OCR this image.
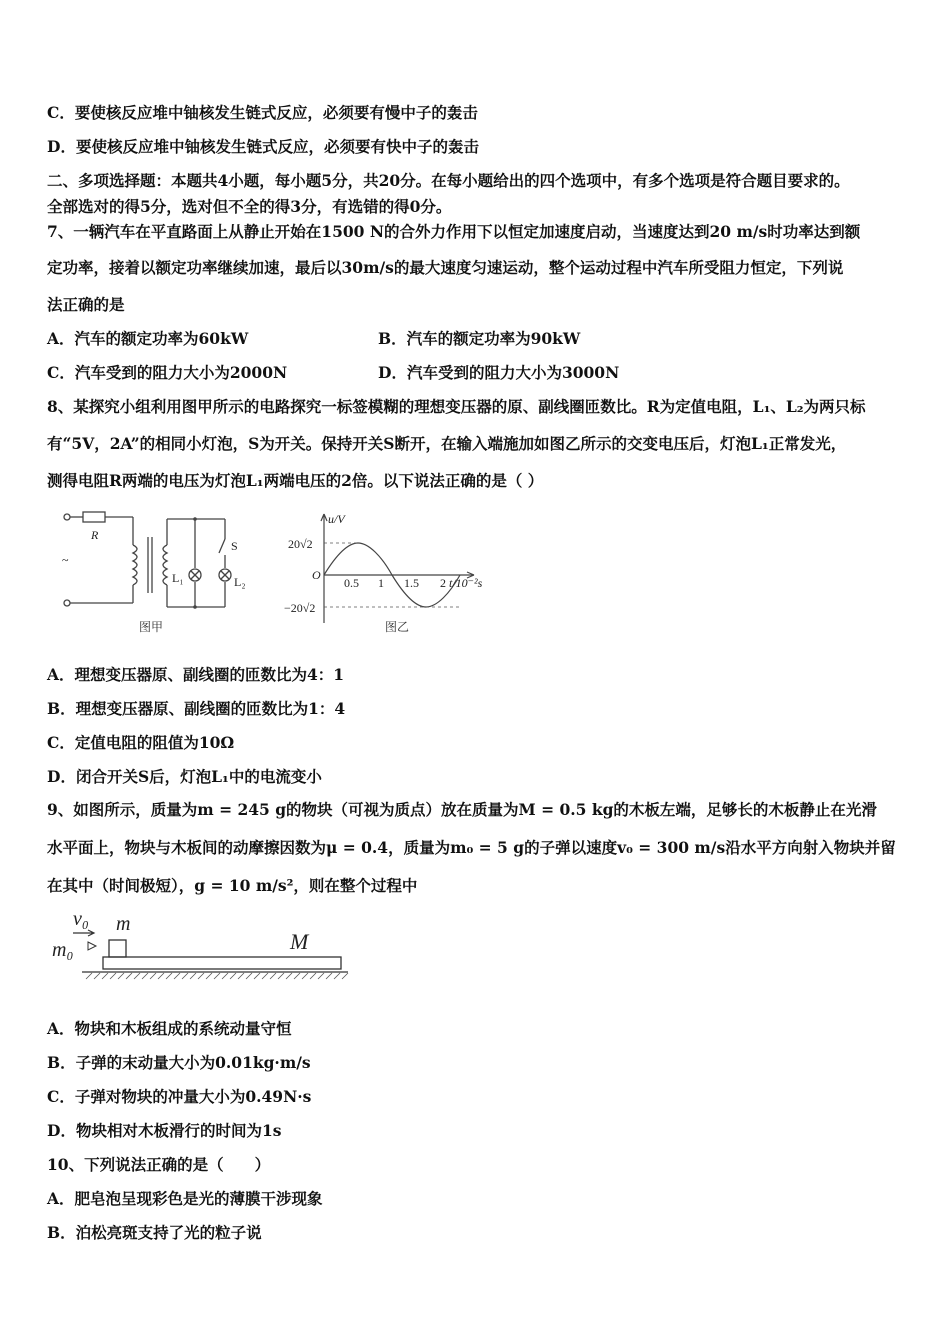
C．要使核反应堆中铀核发生链式反应，必须要有慢中子的轰击
D．要使核反应堆中铀核发生链式反应，必须要有快中子的轰击
二、多项选择题：本题共4小题，每小题5分，共20分。在每小题给出的四个选项中，有多个选项是符合题目要求的。
全部选对的得5分，选对但不全的得3分，有选错的得0分。
7、一辆汽车在平直路面上从静止开始在1500 N的合外力作用下以恒定加速度启动，当速度达到20 m/s时功率达到额
定功率，接着以额定功率继续加速，最后以30m/s的最大速度匀速运动，整个运动过程中汽车所受阻力恒定，下列说
法正确的是
A．汽车的额定功率为60kW	B．汽车的额定功率为90kW
C．汽车受到的阻力大小为2000N	D．汽车受到的阻力大小为3000N
8、某探究小组利用图甲所示的电路探究一标签模糊的理想变压器的原、副线圈匝数比。R为定值电阻，L₁、L₂为两只标
有“5V，2A”的相同小灯泡，S为开关。保持开关S断开，在输入端施加如图乙所示的交变电压后，灯泡L₁正常发光，
测得电阻R两端的电压为灯泡L₁两端电压的2倍。以下说法正确的是（ ）
R
~
S
L₁	L₂
图甲
u/V
20√2
−20√2
O
0.5 1 1.5 2 t/10⁻²s
图乙
A．理想变压器原、副线圈的匝数比为4：1
B．理想变压器原、副线圈的匝数比为1：4
C．定值电阻的阻值为10Ω
D．闭合开关S后，灯泡L₁中的电流变小
9、如图所示，质量为m = 245 g的物块（可视为质点）放在质量为M = 0.5 kg的木板左端，足够长的木板静止在光滑
水平面上，物块与木板间的动摩擦因数为μ = 0.4，质量为m₀ = 5 g的子弹以速度v₀ = 300 m/s沿水平方向射入物块并留
在其中（时间极短），g = 10 m/s²，则在整个过程中
v₀ m
m₀	M
A．物块和木板组成的系统动量守恒
B．子弹的末动量大小为0.01kg·m/s
C．子弹对物块的冲量大小为0.49N·s
D．物块相对木板滑行的时间为1s
10、下列说法正确的是（　　）
A．肥皂泡呈现彩色是光的薄膜干涉现象
B．泊松亮斑支持了光的粒子说
